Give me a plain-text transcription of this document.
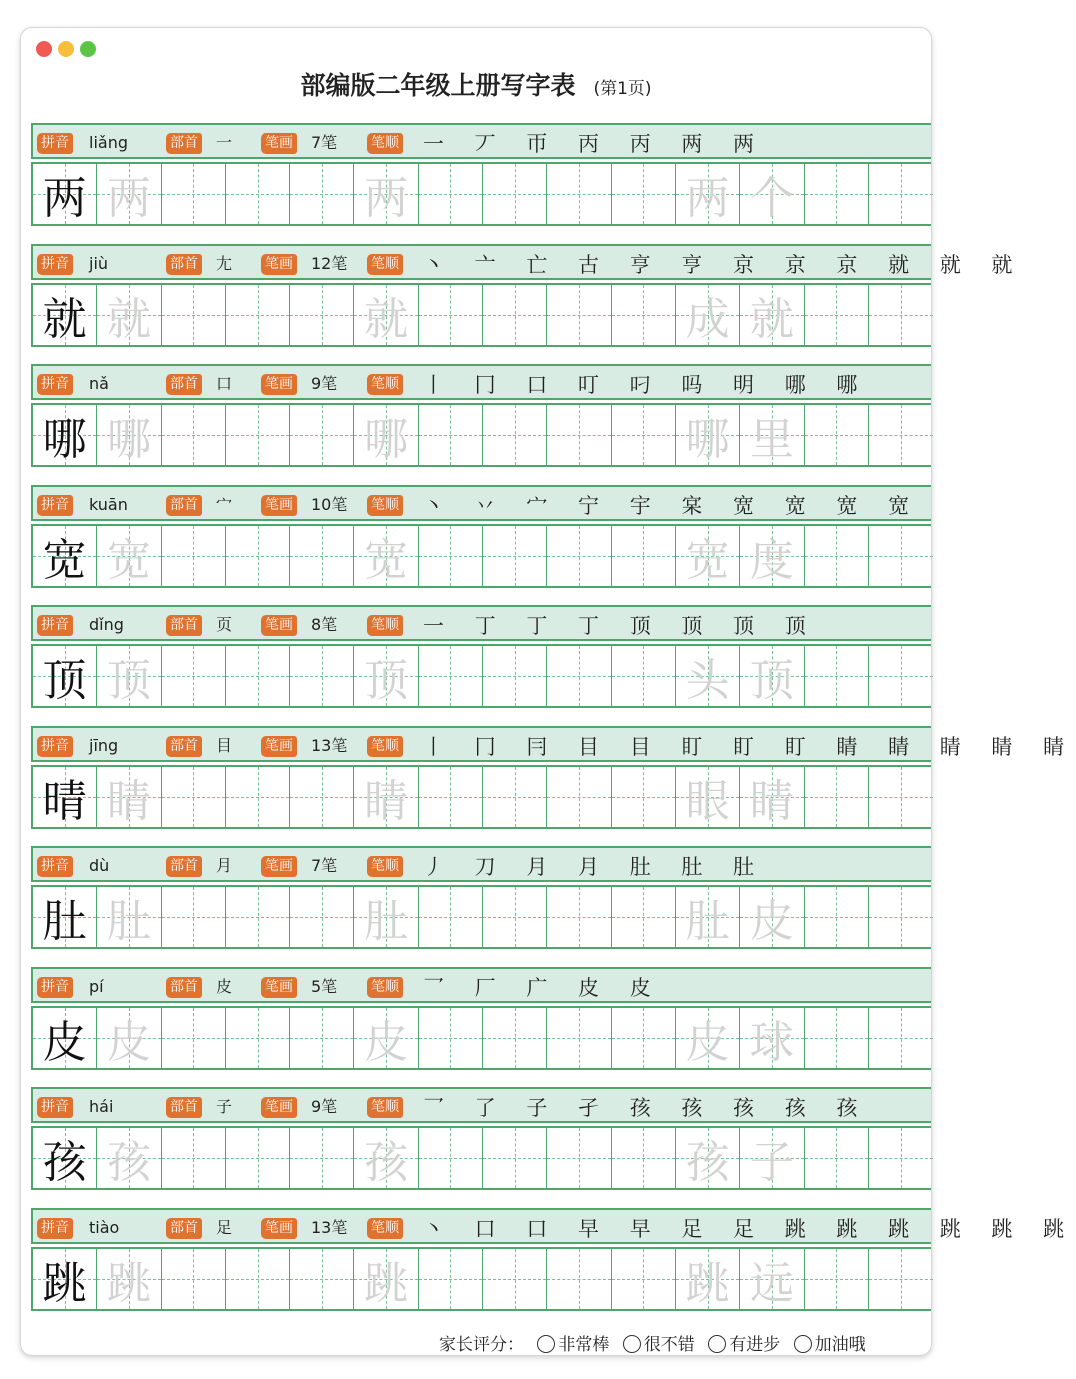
部编版二年级上册写字表 (第1页)
拼音 liǎng	部首 一 笔画 7笔 笔顺 一 丆 帀 丙 丙 两 两
两 两	两	两 个
拼音 jiù	部首 尢 笔画 12笔 笔顺 丶 亠 亡 古 亨 亨 京 京 京 就 就 就
就 就	就	成 就
拼音 nǎ	部首 口 笔画 9笔 笔顺 丨 冂 口 叮 叼 吗 明 哪 哪
哪 哪	哪	哪 里
拼音 kuān	部首 宀 笔画 10笔 笔顺 丶 丷 宀 宁 宇 宲 宽 宽 宽 宽
宽 宽	宽	宽 度
拼音 dǐng	部首 页 笔画 8笔 笔顺 一 丁 丁 丁 顶 顶 顶 顶
顶 顶	顶	头 顶
拼音 jīng	部首 目 笔画 13笔 笔顺 丨 冂 冃 目 目 盯 盯 盯 睛 睛 睛 睛 睛
晴 睛	睛	眼 睛
拼音 dù	部首 月 笔画 7笔 笔顺 丿 刀 月 月 肚 肚 肚
肚 肚	肚	肚 皮
拼音 pí	部首 皮 笔画 5笔 笔顺 乛 厂 广 皮 皮
皮 皮	皮	皮 球
拼音 hái	部首 子 笔画 9笔 笔顺 乛 了 子 孑 孩 孩 孩 孩 孩
孩 孩	孩	孩 子
拼音 tiào	部首 足 笔画 13笔 笔顺 丶 口 口 早 早 足 足 跳 跳 跳 跳 跳 跳
跳 跳	跳	跳 远
家长评分： 非常棒 很不错 有进步 加油哦
